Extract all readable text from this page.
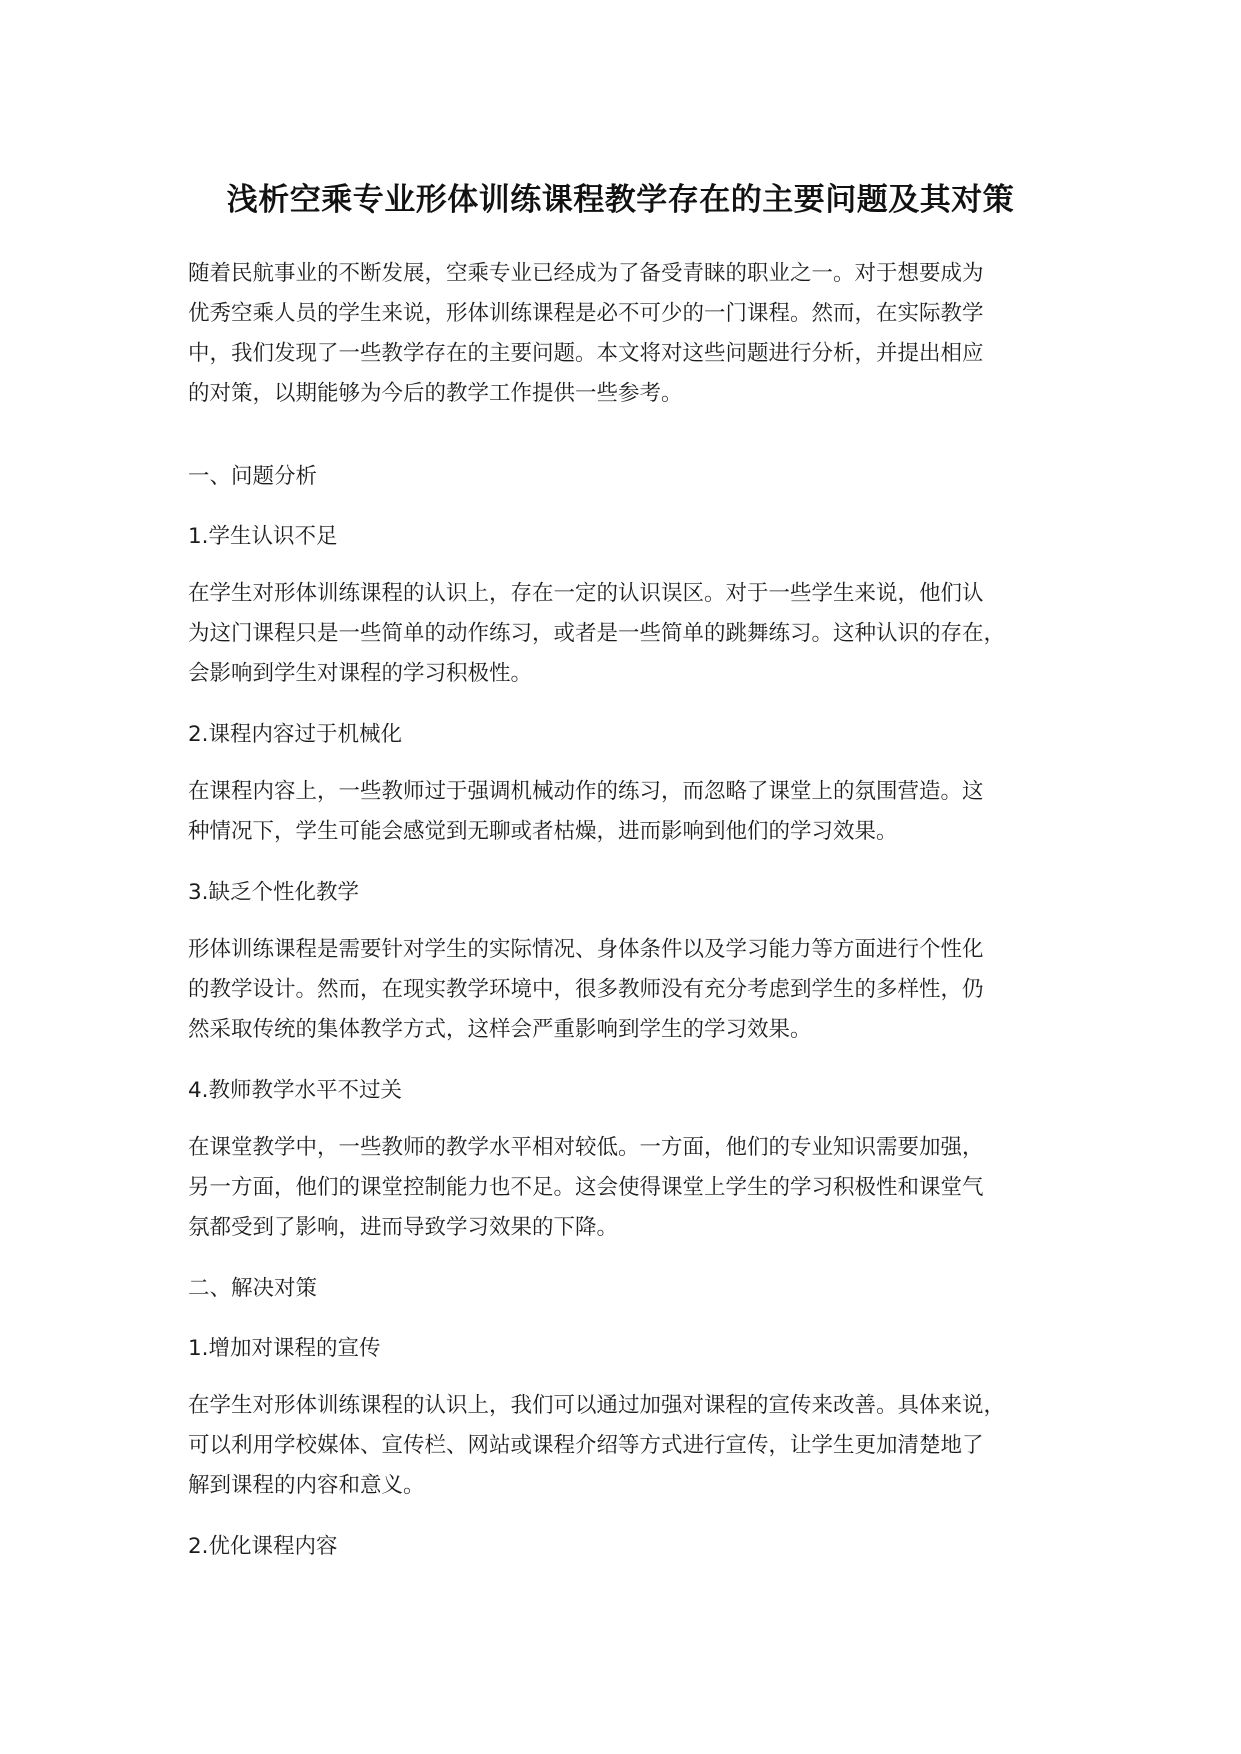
浅析空乘专业形体训练课程教学存在的主要问题及其对策
随着民航事业的不断发展，空乘专业已经成为了备受青睐的职业之一。对于想要成为
优秀空乘人员的学生来说，形体训练课程是必不可少的一门课程。然而，在实际教学
中，我们发现了一些教学存在的主要问题。本文将对这些问题进行分析，并提出相应
的对策，以期能够为今后的教学工作提供一些参考。
一、问题分析
1.学生认识不足
在学生对形体训练课程的认识上，存在一定的认识误区。对于一些学生来说，他们认
为这门课程只是一些简单的动作练习，或者是一些简单的跳舞练习。这种认识的存在，
会影响到学生对课程的学习积极性。
2.课程内容过于机械化
在课程内容上，一些教师过于强调机械动作的练习，而忽略了课堂上的氛围营造。这
种情况下，学生可能会感觉到无聊或者枯燥，进而影响到他们的学习效果。
3.缺乏个性化教学
形体训练课程是需要针对学生的实际情况、身体条件以及学习能力等方面进行个性化
的教学设计。然而，在现实教学环境中，很多教师没有充分考虑到学生的多样性，仍
然采取传统的集体教学方式，这样会严重影响到学生的学习效果。
4.教师教学水平不过关
在课堂教学中，一些教师的教学水平相对较低。一方面，他们的专业知识需要加强，
另一方面，他们的课堂控制能力也不足。这会使得课堂上学生的学习积极性和课堂气
氛都受到了影响，进而导致学习效果的下降。
二、解决对策
1.增加对课程的宣传
在学生对形体训练课程的认识上，我们可以通过加强对课程的宣传来改善。具体来说，
可以利用学校媒体、宣传栏、网站或课程介绍等方式进行宣传，让学生更加清楚地了
解到课程的内容和意义。
2.优化课程内容
